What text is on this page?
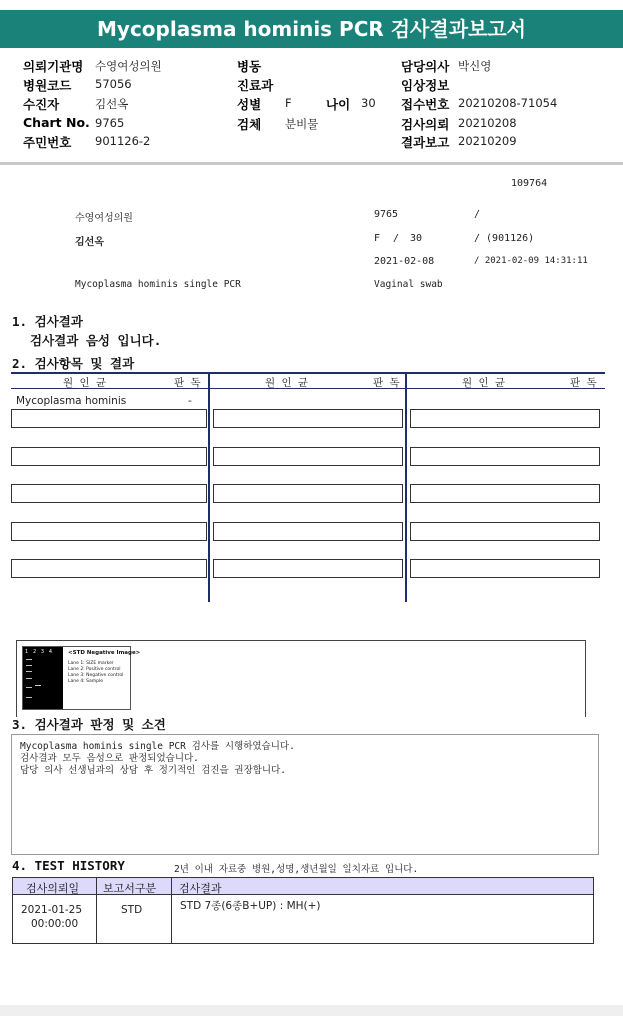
Mycoplasma hominis PCR 검사결과보고서
의뢰기관명 수영여성의원
병원코드 57056
수진자	김선옥
Chart No. 9765
주민번호 901126-2
병동
진료과
성별 F	나이 30
검체 분비물
담당의사 박신영
임상정보
접수번호 20210208-71054
검사의뢰 20210208
결과보고 20210209
109764
수영여성의원	9765	/
김선옥	F / 30	/ (901126)
2021-02-08	/ 2021-02-09 14:31:11
Mycoplasma hominis single PCR	Vaginal swab
1. 검사결과
검사결과 음성 입니다.
2. 검사항목 및 결과
원 인 균	판 독	원 인 균	판 독	원 인 균	판 독
Mycoplasma hominis	-
1   2   3   4	<STD Negative Image>
Lane 1: SIZE marker
Lane 2: Positive control
Lane 3: Negative control
Lane 4: Sample
3. 검사결과 판정 및 소견
Mycoplasma hominis single PCR 검사를 시행하였습니다.
검사결과 모두 음성으로 판정되었습니다.
담당 의사 선생님과의 상담 후 정기적인 검진을 권장합니다.
4. TEST HISTORY	2년 이내 자료중 병원,성명,생년월일 일치자료 입니다.
검사의뢰일 보고서구분 검사결과
2021-01-25
00:00:00
STD	STD 7종(6종B+UP) : MH(+)
